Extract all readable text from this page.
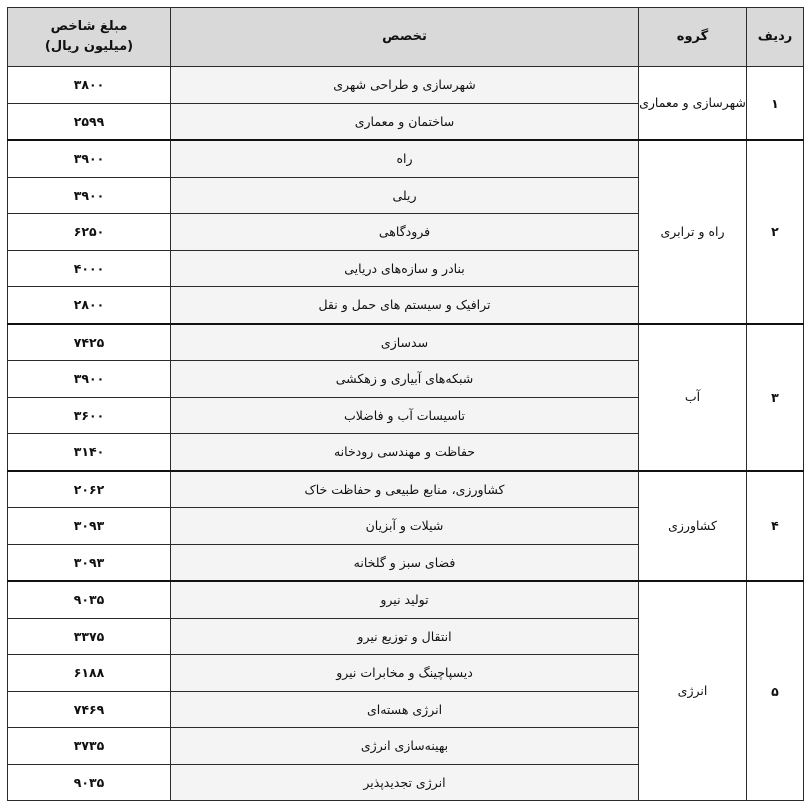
ردیف	گروه	تخصص	مبلغ شاخص
(میلیون ریال)

۱	شهرسازی و معماری	شهرسازی و طراحی شهری	۳۸۰۰
		ساختمان و معماری	۲۵۹۹
۲	راه و ترابری	راه	۳۹۰۰
		ریلی	۳۹۰۰
		فرودگاهی	۶۲۵۰
		بنادر و سازه‌های دریایی	۴۰۰۰
		ترافیک و سیستم های حمل و نقل	۲۸۰۰
۳	آب	سدسازی	۷۴۲۵
		شبکه‌های آبیاری و زهکشی	۳۹۰۰
		تاسیسات آب و فاضلاب	۳۶۰۰
		حفاظت و مهندسی رودخانه	۳۱۴۰
۴	کشاورزی	کشاورزی، منابع طبیعی و حفاظت خاک	۲۰۶۲
		شیلات و آبزیان	۳۰۹۳
		فضای سبز و گلخانه	۳۰۹۳
۵	انرژی	تولید نیرو	۹۰۳۵
		انتقال و توزیع نیرو	۳۳۷۵
		دیسپاچینگ و مخابرات نیرو	۶۱۸۸
		انرژی هسته‌ای	۷۴۶۹
		بهینه‌سازی انرژی	۳۷۳۵
		انرژی تجدیدپذیر	۹۰۳۵
